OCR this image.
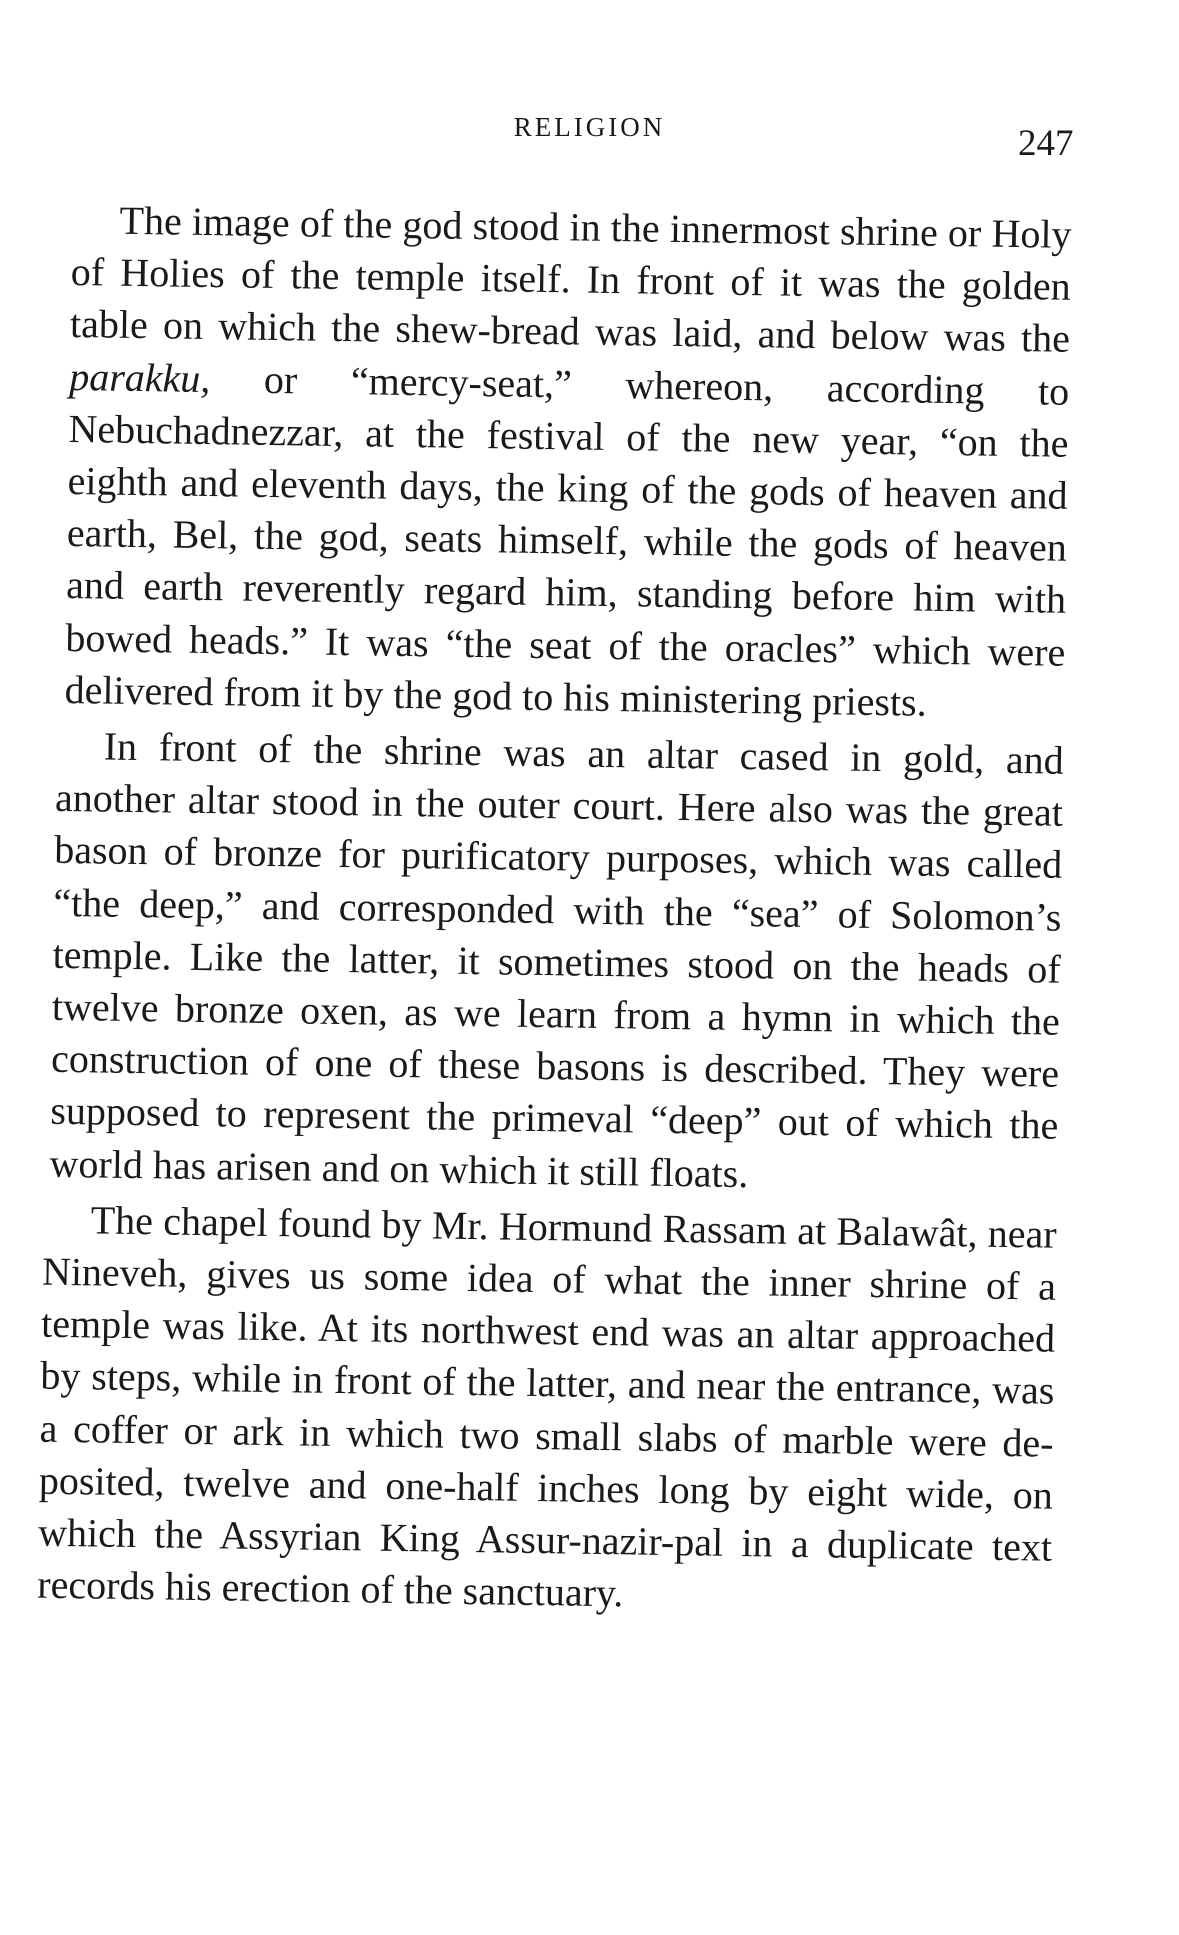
RELIGION	247

The image of the god stood in the innermost shrine or Holy of Holies of the temple itself. In front of it was the golden table on which the shew-bread was laid, and below was the parakku, or “mercy-seat,” whereon, according to Nebuchadnezzar, at the festival of the new year, “on the eighth and eleventh days, the king of the gods of heaven and earth, Bel, the god, seats himself, while the gods of heaven and earth reverently regard him, standing before him with bowed heads.” It was “the seat of the oracles” which were delivered from it by the god to his ministering priests.

In front of the shrine was an altar cased in gold, and another altar stood in the outer court. Here also was the great bason of bronze for purificatory purposes, which was called “the deep,” and corresponded with the “sea” of Solomon’s temple. Like the latter, it sometimes stood on the heads of twelve bronze oxen, as we learn from a hymn in which the construction of one of these basons is described. They were supposed to represent the primeval “deep” out of which the world has arisen and on which it still floats.

The chapel found by Mr. Hormund Rassam at Balawât, near Nineveh, gives us some idea of what the inner shrine of a temple was like. At its northwest end was an altar approached by steps, while in front of the latter, and near the entrance, was a coffer or ark in which two small slabs of marble were deposited, twelve and one-half inches long by eight wide, on which the Assyrian King Assur-nazir-pal in a duplicate text records his erection of the sanctuary.
